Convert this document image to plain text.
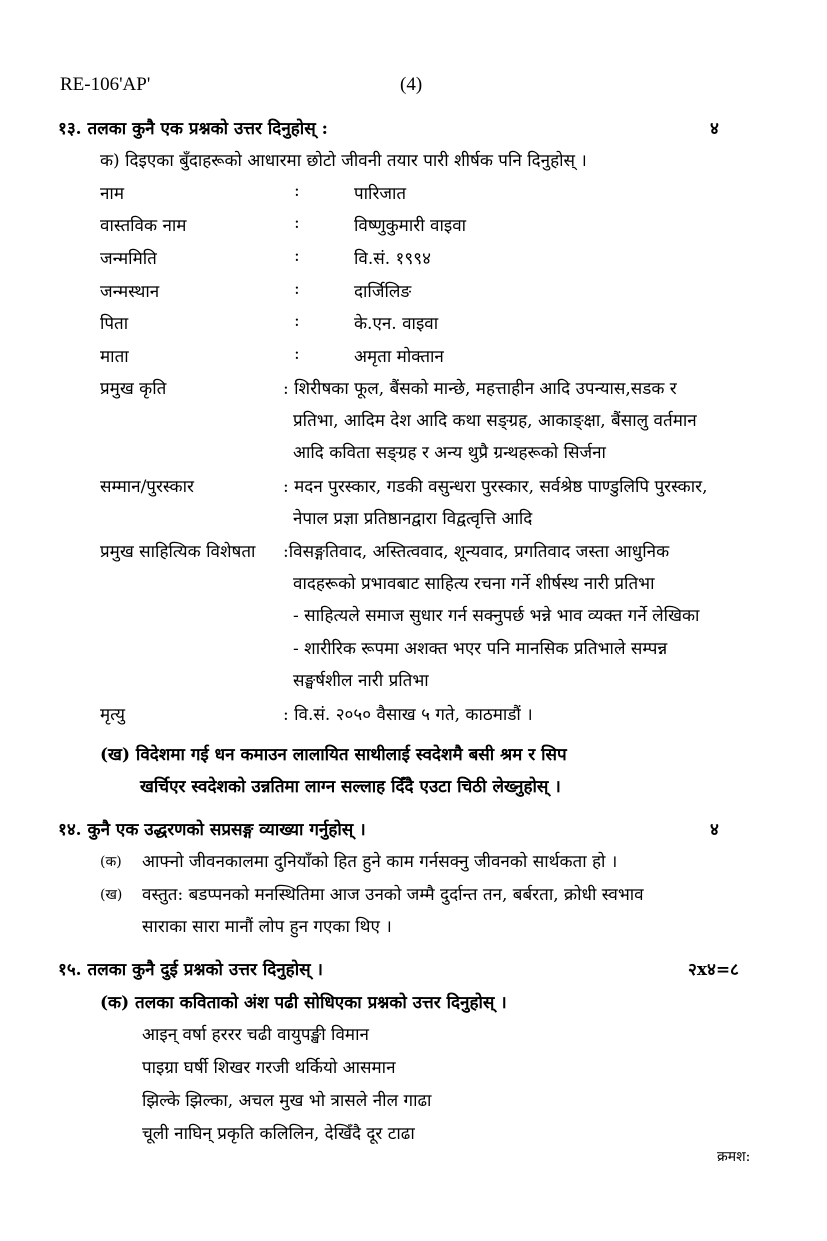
RE-106'AP'	(4)
१३. तलका कुनै एक प्रश्नको उत्तर दिनुहोस् :	४
क) दिइएका बुँदाहरूको आधारमा छोटो जीवनी तयार पारी शीर्षक पनि दिनुहोस् ।
नाम	:	पारिजात
वास्तविक नाम	:	विष्णुकुमारी वाइवा
जन्ममिति	:	वि.सं. १९९४
जन्मस्थान	:	दार्जिलिङ
पिता	:	के.एन. वाइवा
माता	:	अमृता मोक्तान
प्रमुख कृति	: शिरीषका फूल, बैंसको मान्छे, महत्ताहीन आदि उपन्यास,सडक र
प्रतिभा, आदिम देश आदि कथा सङ्ग्रह, आकाङ्क्षा, बैंसालु वर्तमान
आदि कविता सङ्ग्रह र अन्य थुप्रै ग्रन्थहरूको सिर्जना
सम्मान/पुरस्कार	: मदन पुरस्कार, गडकी वसुन्धरा पुरस्कार, सर्वश्रेष्ठ पाण्डुलिपि पुरस्कार,
नेपाल प्रज्ञा प्रतिष्ठानद्वारा विद्वत्वृत्ति आदि
प्रमुख साहित्यिक विशेषता :विसङ्गतिवाद, अस्तित्ववाद, शून्यवाद, प्रगतिवाद जस्ता आधुनिक
वादहरूको प्रभावबाट साहित्य रचना गर्ने शीर्षस्थ नारी प्रतिभा
- साहित्यले समाज सुधार गर्न सक्नुपर्छ भन्ने भाव व्यक्त गर्ने लेखिका
- शारीरिक रूपमा अशक्त भएर पनि मानसिक प्रतिभाले सम्पन्न
सङ्घर्षशील नारी प्रतिभा
मृत्यु	: वि.सं. २०५० वैसाख ५ गते, काठमाडौं ।
(ख) विदेशमा गई धन कमाउन लालायित साथीलाई स्वदेशमै बसी श्रम र सिप
खर्चिएर स्वदेशको उन्नतिमा लाग्न सल्लाह दिँदै एउटा चिठी लेख्नुहोस् ।
१४. कुनै एक उद्धरणको सप्रसङ्ग व्याख्या गर्नुहोस् ।	४
(क) आफ्नो जीवनकालमा दुनियाँको हित हुने काम गर्नसक्नु जीवनको सार्थकता हो ।
(ख) वस्तुत: बडप्पनको मनस्थितिमा आज उनको जम्मै दुर्दान्त तन, बर्बरता, क्रोधी स्वभाव
साराका सारा मानौं लोप हुन गएका थिए ।
१५. तलका कुनै दुई प्रश्नको उत्तर दिनुहोस् ।	२x४=८
(क) तलका कविताको अंश पढी सोधिएका प्रश्नको उत्तर दिनुहोस् ।
आइन् वर्षा हररर चढी वायुपङ्खी विमान
पाइग्रा घर्षी शिखर गरजी थर्कियो आसमान
झिल्के झिल्का, अचल मुख भो त्रासले नील गाढा
चूली नाघिन् प्रकृति कलिलिन, देखिँदै दूर टाढा
क्रमश:
